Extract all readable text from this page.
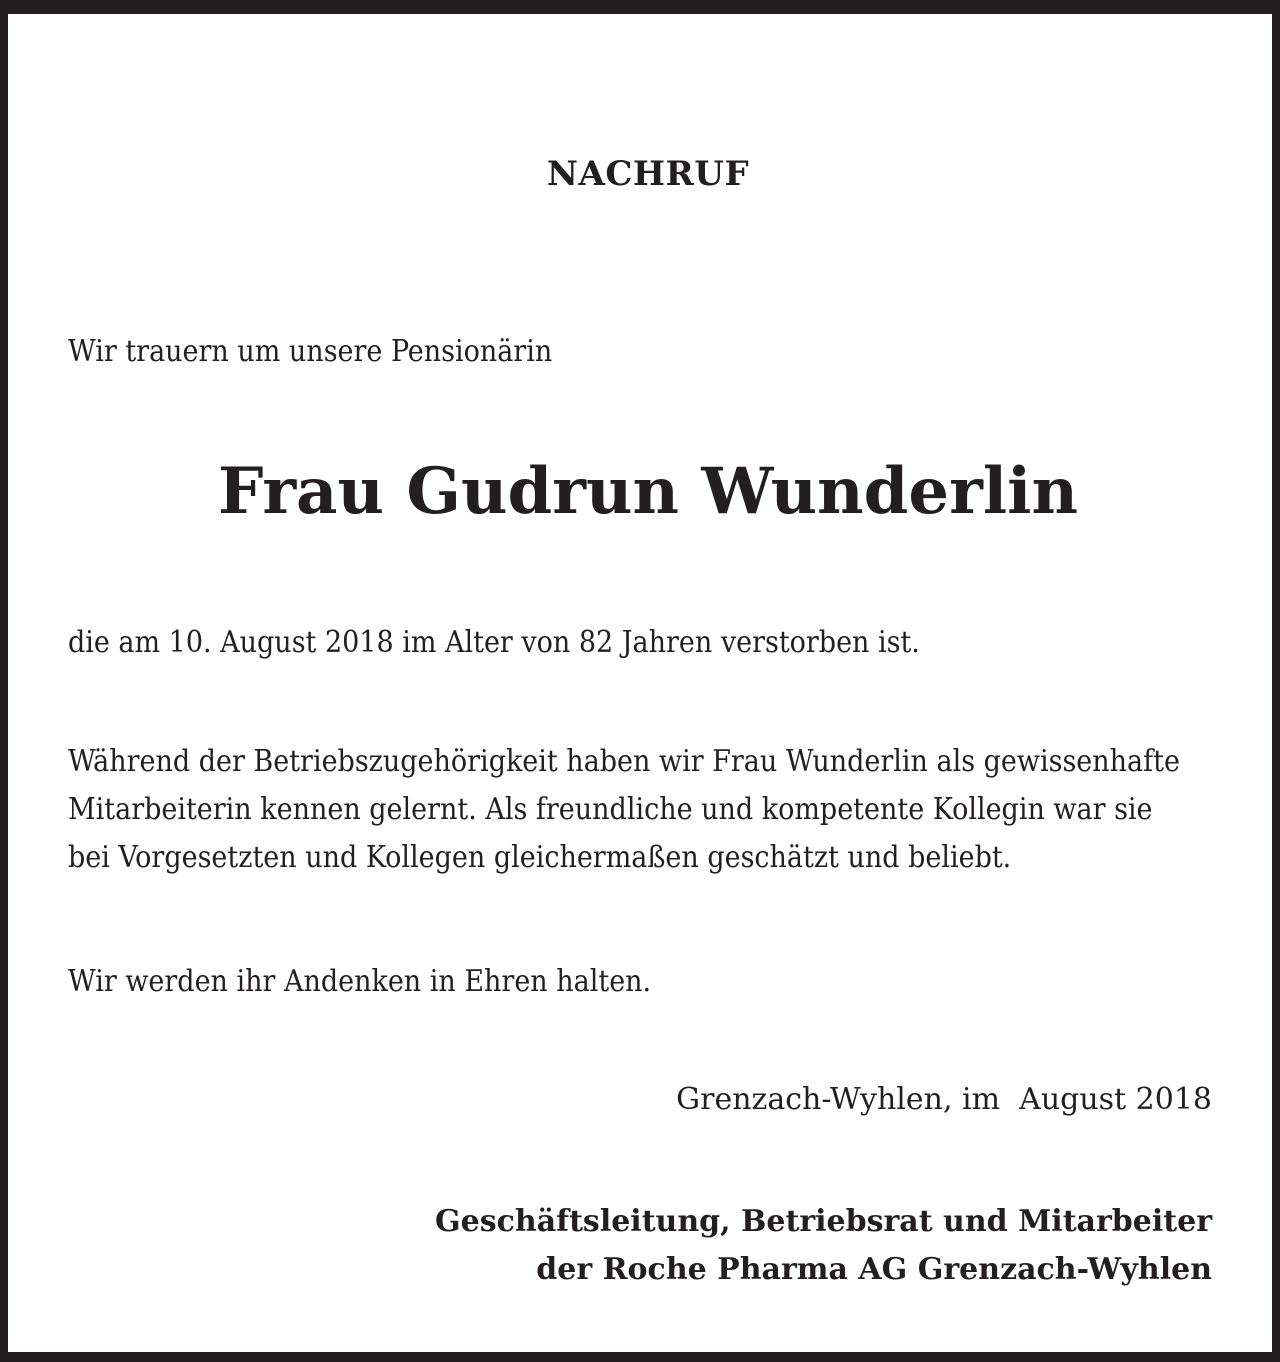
NACHRUF
Wir trauern um unsere Pensionärin
Frau Gudrun Wunderlin
die am 10. August 2018 im Alter von 82 Jahren verstorben ist.
Während der Betriebszugehörigkeit haben wir Frau Wunderlin als gewissenhafte
Mitarbeiterin kennen gelernt. Als freundliche und kompetente Kollegin war sie
bei Vorgesetzten und Kollegen gleichermaßen geschätzt und beliebt.
Wir werden ihr Andenken in Ehren halten.
Grenzach-Wyhlen, im  August 2018
Geschäftsleitung, Betriebsrat und Mitarbeiter
der Roche Pharma AG Grenzach-Wyhlen
